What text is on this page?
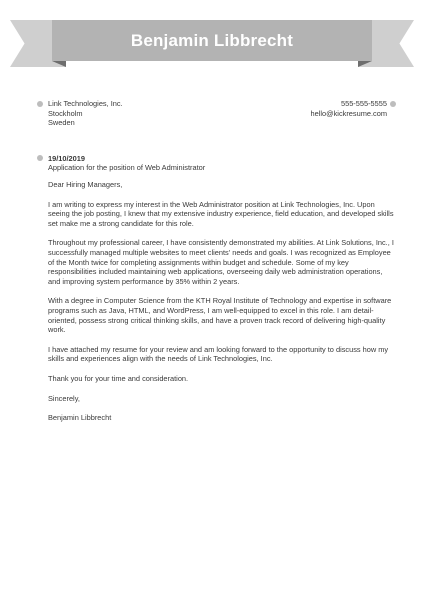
Benjamin Libbrecht
Link Technologies, Inc.
Stockholm
Sweden
555-555-5555
hello@kickresume.com
19/10/2019
Application for the position of Web Administrator

Dear Hiring Managers,

I am writing to express my interest in the Web Administrator position at Link Technologies, Inc. Upon seeing the job posting, I knew that my extensive industry experience, field education, and developed skills set make me a strong candidate for this role.

Throughout my professional career, I have consistently demonstrated my abilities. At Link Solutions, Inc., I successfully managed multiple websites to meet clients' needs and goals. I was recognized as Employee of the Month twice for completing assignments within budget and schedule. Some of my key responsibilities included maintaining web applications, overseeing daily web administration operations, and improving system performance by 35% within 2 years.

With a degree in Computer Science from the KTH Royal Institute of Technology and expertise in software programs such as Java, HTML, and WordPress, I am well-equipped to excel in this role. I am detail-oriented, possess strong critical thinking skills, and have a proven track record of delivering high-quality work.

I have attached my resume for your review and am looking forward to the opportunity to discuss how my skills and experiences align with the needs of Link Technologies, Inc.

Thank you for your time and consideration.

Sincerely,

Benjamin Libbrecht
